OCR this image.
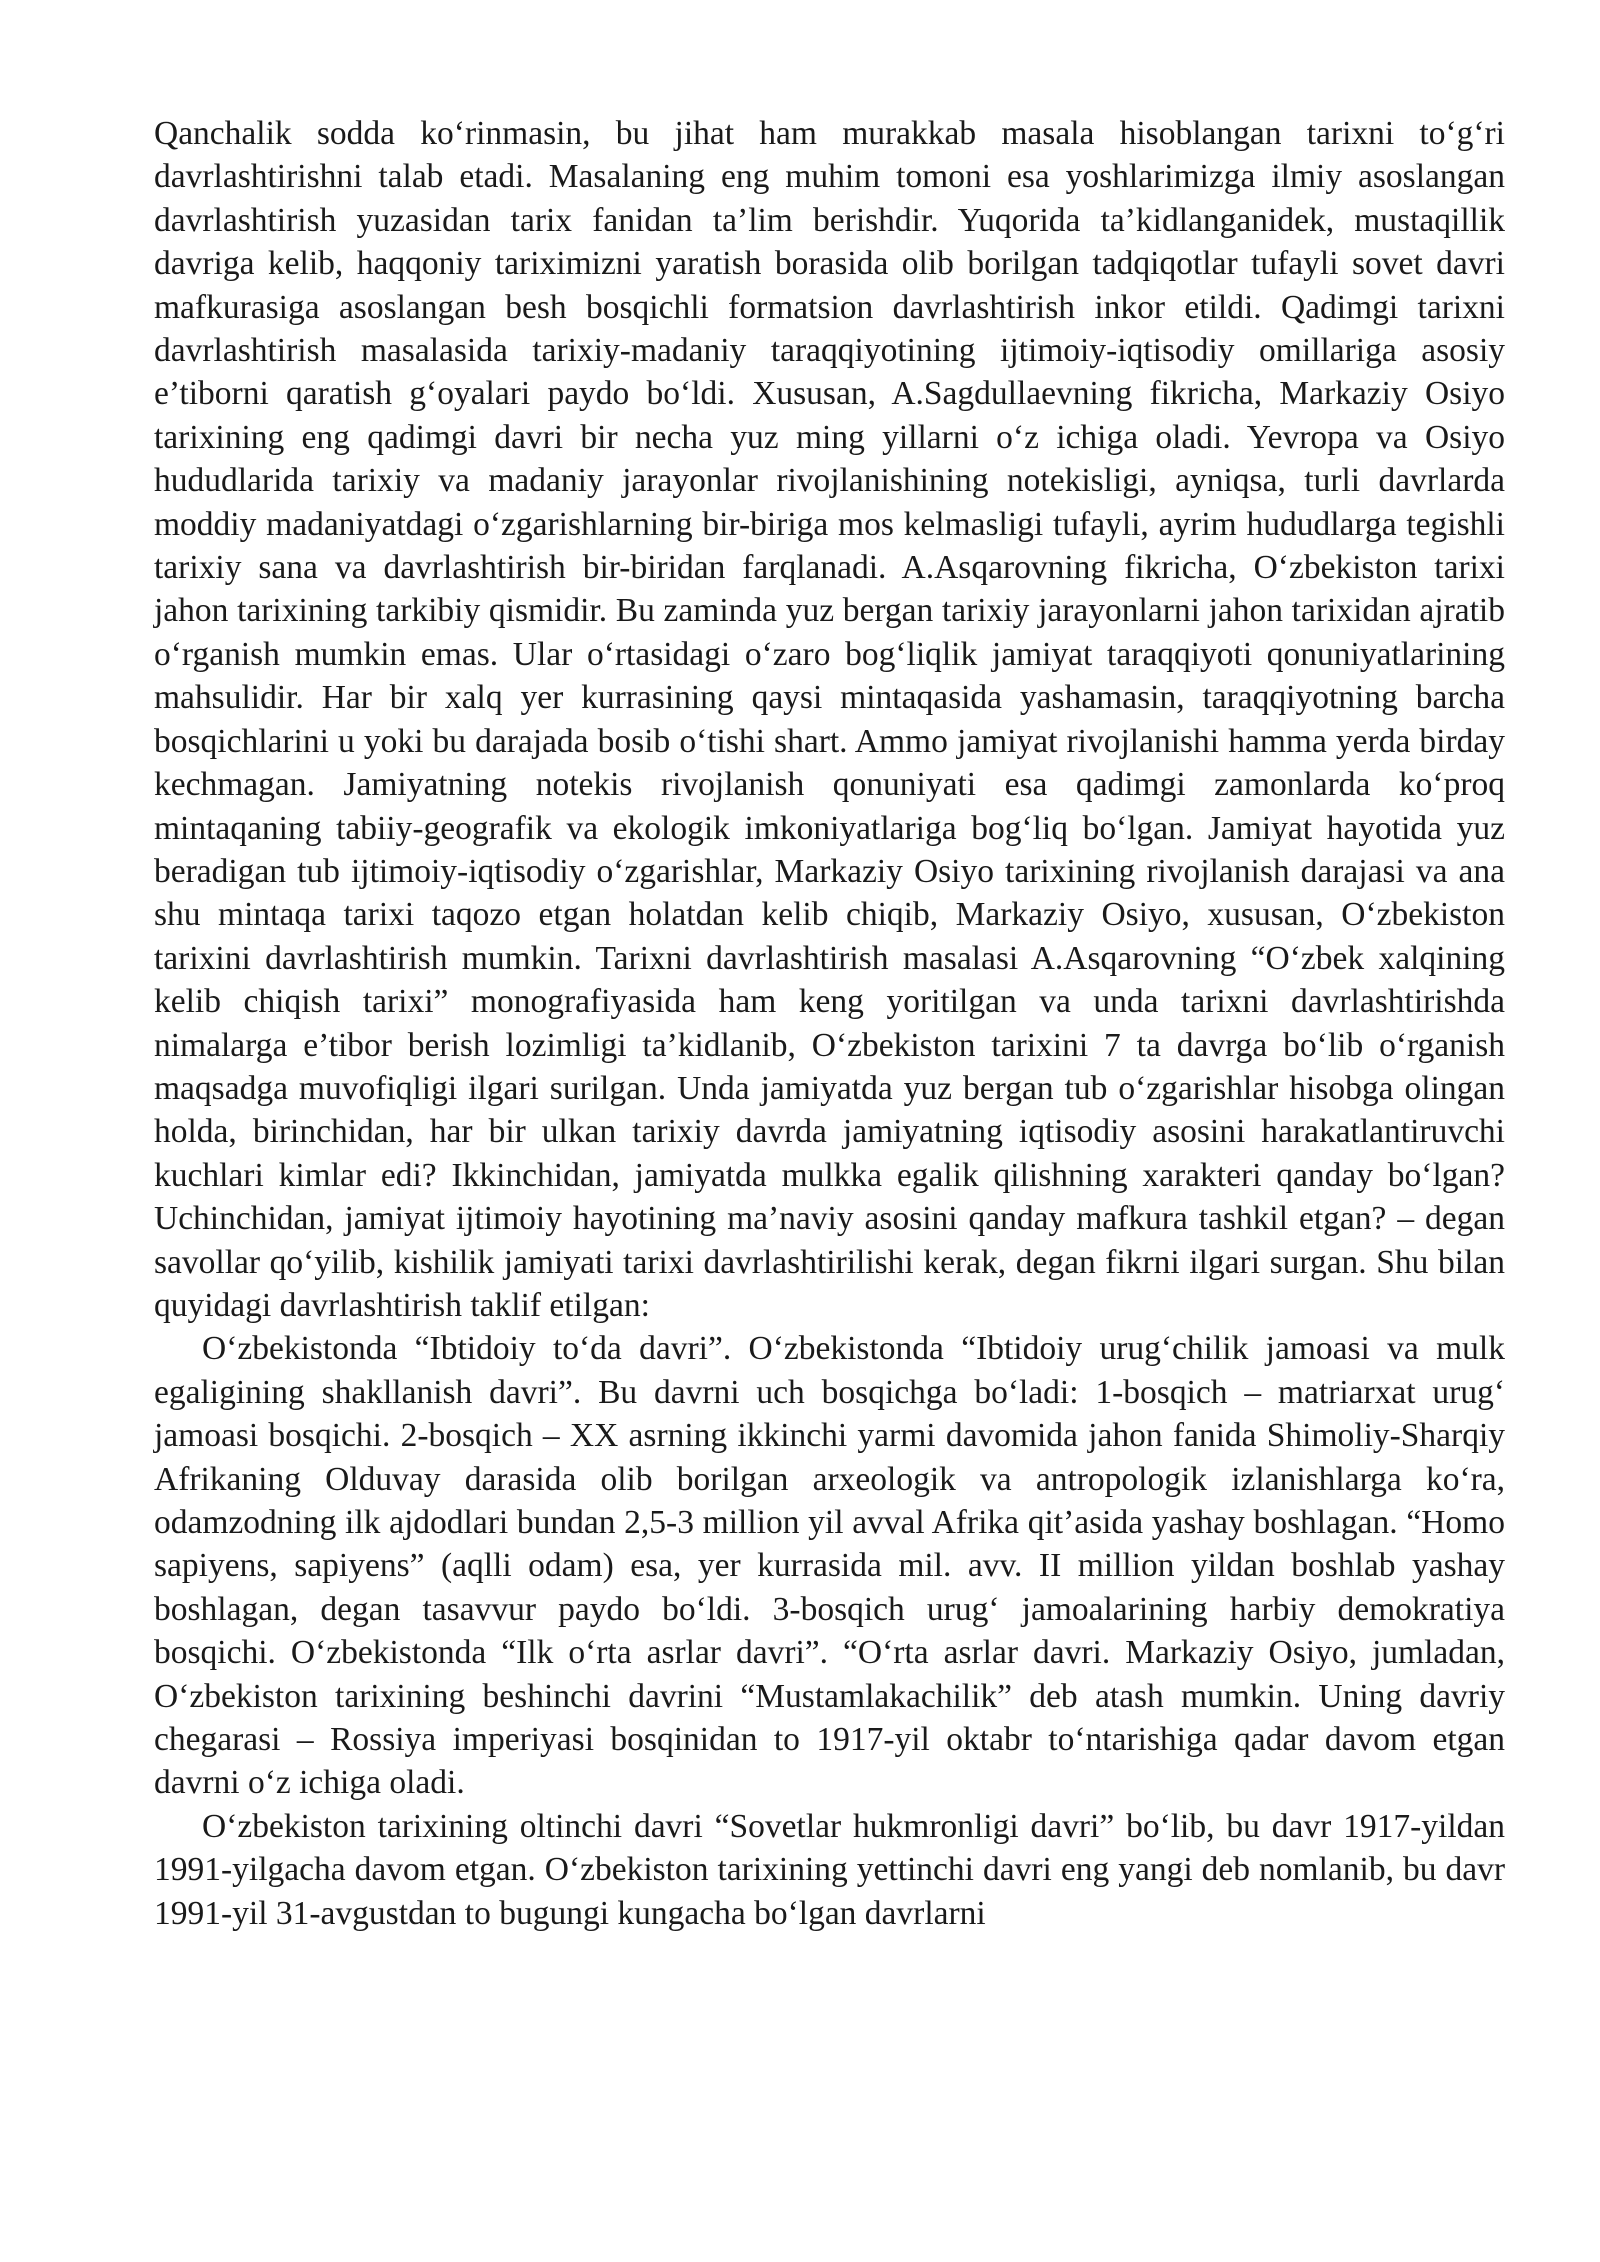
Qanchalik sodda ko‘rinmasin, bu jihat ham murakkab masala hisoblangan tarixni to‘g‘ri davrlashtirishni talab etadi. Masalaning eng muhim tomoni esa yoshlarimizga ilmiy asoslangan davrlashtirish yuzasidan tarix fanidan ta’lim berishdir. Yuqorida ta’kidlanganidek, mustaqillik davriga kelib, haqqoniy tariximizni yaratish borasida olib borilgan tadqiqotlar tufayli sovet davri mafkurasiga asoslangan besh bosqichli formatsion davrlashtirish inkor etildi. Qadimgi tarixni davrlashtirish masalasida tarixiy-madaniy taraqqiyotining ijtimoiy-iqtisodiy omillariga asosiy e’tiborni qaratish g‘oyalari paydo bo‘ldi. Xususan, A.Sagdullaevning fikricha, Markaziy Osiyo tarixining eng qadimgi davri bir necha yuz ming yillarni o‘z ichiga oladi. Yevropa va Osiyo hududlarida tarixiy va madaniy jarayonlar rivojlanishining notekisligi, ayniqsa, turli davrlarda moddiy madaniyatdagi o‘zgarishlarning bir-biriga mos kelmasligi tufayli, ayrim hududlarga tegishli tarixiy sana va davrlashtirish bir-biridan farqlanadi. A.Asqarovning fikricha, O‘zbekiston tarixi jahon tarixining tarkibiy qismidir. Bu zaminda yuz bergan tarixiy jarayonlarni jahon tarixidan ajratib o‘rganish mumkin emas. Ular o‘rtasidagi o‘zaro bog‘liqlik jamiyat taraqqiyoti qonuniyatlarining mahsulidir. Har bir xalq yer kurrasining qaysi mintaqasida yashamasin, taraqqiyotning barcha bosqichlarini u yoki bu darajada bosib o‘tishi shart. Ammo jamiyat rivojlanishi hamma yerda birday kechmagan. Jamiyatning notekis rivojlanish qonuniyati esa qadimgi zamonlarda ko‘proq mintaqaning tabiiy-geografik va ekologik imkoniyatlariga bog‘liq bo‘lgan. Jamiyat hayotida yuz beradigan tub ijtimoiy-iqtisodiy o‘zgarishlar, Markaziy Osiyo tarixining rivojlanish darajasi va ana shu mintaqa tarixi taqozo etgan holatdan kelib chiqib, Markaziy Osiyo, xususan, O‘zbekiston tarixini davrlashtirish mumkin. Tarixni davrlashtirish masalasi A.Asqarovning “O‘zbek xalqining kelib chiqish tarixi” monografiyasida ham keng yoritilgan va unda tarixni davrlashtirishda nimalarga e’tibor berish lozimligi ta’kidlanib, O‘zbekiston tarixini 7 ta davrga bo‘lib o‘rganish maqsadga muvofiqligi ilgari surilgan. Unda jamiyatda yuz bergan tub o‘zgarishlar hisobga olingan holda, birinchidan, har bir ulkan tarixiy davrda jamiyatning iqtisodiy asosini harakatlantiruvchi kuchlari kimlar edi? Ikkinchidan, jamiyatda mulkka egalik qilishning xarakteri qanday bo‘lgan? Uchinchidan, jamiyat ijtimoiy hayotining ma’naviy asosini qanday mafkura tashkil etgan? – degan savollar qo‘yilib, kishilik jamiyati tarixi davrlashtirilishi kerak, degan fikrni ilgari surgan. Shu bilan quyidagi davrlashtirish taklif etilgan:

O‘zbekistonda “Ibtidoiy to‘da davri”. O‘zbekistonda “Ibtidoiy urug‘chilik jamoasi va mulk egaligining shakllanish davri”. Bu davrni uch bosqichga bo‘ladi: 1-bosqich – matriarxat urug‘ jamoasi bosqichi. 2-bosqich – XX asrning ikkinchi yarmi davomida jahon fanida Shimoliy-Sharqiy Afrikaning Olduvay darasida olib borilgan arxeologik va antropologik izlanishlarga ko‘ra, odamzodning ilk ajdodlari bundan 2,5-3 million yil avval Afrika qit’asida yashay boshlagan. “Homo sapiyens, sapiyens” (aqlli odam) esa, yer kurrasida mil. avv. II million yildan boshlab yashay boshlagan, degan tasavvur paydo bo‘ldi. 3-bosqich urug‘ jamoalarining harbiy demokratiya bosqichi. O‘zbekistonda “Ilk o‘rta asrlar davri”. “O‘rta asrlar davri. Markaziy Osiyo, jumladan, O‘zbekiston tarixining beshinchi davrini “Mustamlakachilik” deb atash mumkin. Uning davriy chegarasi – Rossiya imperiyasi bosqinidan to 1917-yil oktabr to‘ntarishiga qadar davom etgan davrni o‘z ichiga oladi.

O‘zbekiston tarixining oltinchi davri “Sovetlar hukmronligi davri” bo‘lib, bu davr 1917-yildan 1991-yilgacha davom etgan. O‘zbekiston tarixining yettinchi davri eng yangi deb nomlanib, bu davr 1991-yil 31-avgustdan to bugungi kungacha bo‘lgan davrlarni
